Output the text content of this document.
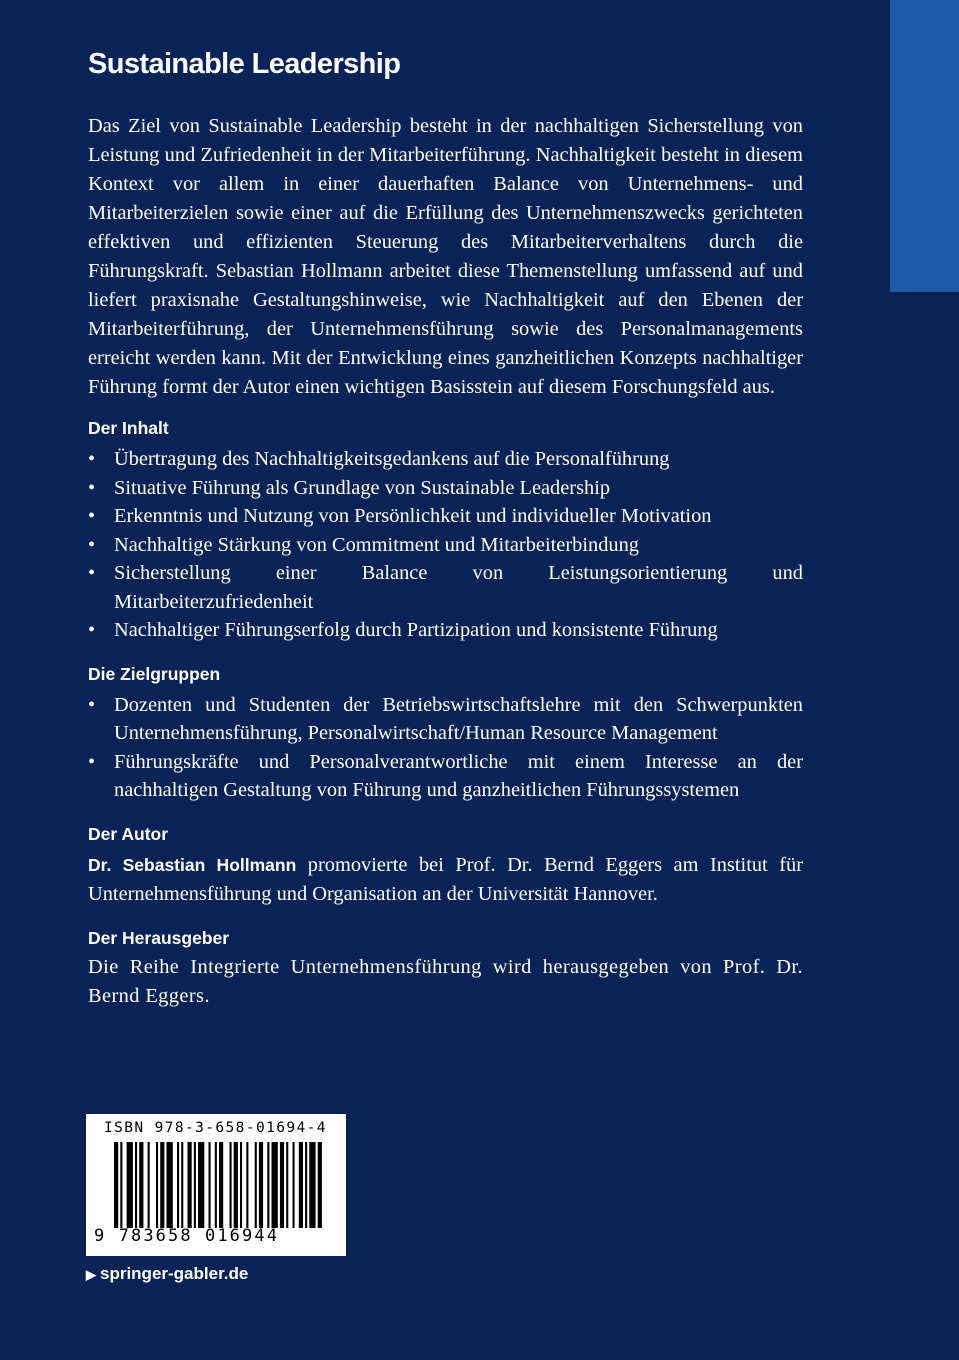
Sustainable Leadership

Das Ziel von Sustainable Leadership besteht in der nachhaltigen Sicherstellung von Leistung und Zufriedenheit in der Mitarbeiterführung. Nachhaltigkeit besteht in diesem Kontext vor allem in einer dauerhaften Balance von Unternehmens- und Mitarbeiterzielen sowie einer auf die Erfüllung des Unternehmenszwecks gerichteten effektiven und effizienten Steuerung des Mitarbeiterverhaltens durch die Führungskraft. Sebastian Hollmann arbeitet diese Themenstellung umfassend auf und liefert praxisnahe Gestaltungshinweise, wie Nachhaltigkeit auf den Ebenen der Mitarbeiterführung, der Unternehmensführung sowie des Personalmanagements erreicht werden kann. Mit der Entwicklung eines ganzheitlichen Konzepts nachhaltiger Führung formt der Autor einen wichtigen Basisstein auf diesem Forschungsfeld aus.

Der Inhalt
• Übertragung des Nachhaltigkeitsgedankens auf die Personalführung
• Situative Führung als Grundlage von Sustainable Leadership
• Erkenntnis und Nutzung von Persönlichkeit und individueller Motivation
• Nachhaltige Stärkung von Commitment und Mitarbeiterbindung
• Sicherstellung einer Balance von Leistungsorientierung und Mitarbeiterzufriedenheit
• Nachhaltiger Führungserfolg durch Partizipation und konsistente Führung
Die Zielgruppen
• Dozenten und Studenten der Betriebswirtschaftslehre mit den Schwerpunkten Unternehmensführung, Personalwirtschaft/Human Resource Management
• Führungskräfte und Personalverantwortliche mit einem Interesse an der nachhaltigen Gestaltung von Führung und ganzheitlichen Führungssystemen
Der Autor

Dr. Sebastian Hollmann promovierte bei Prof. Dr. Bernd Eggers am Institut für Unternehmensführung und Organisation an der Universität Hannover.

Der Herausgeber

Die Reihe Integrierte Unternehmensführung wird herausgegeben von Prof. Dr. Bernd Eggers.

ISBN 978-3-658-01694-4
9 783658 016944
▶ springer-gabler.de
